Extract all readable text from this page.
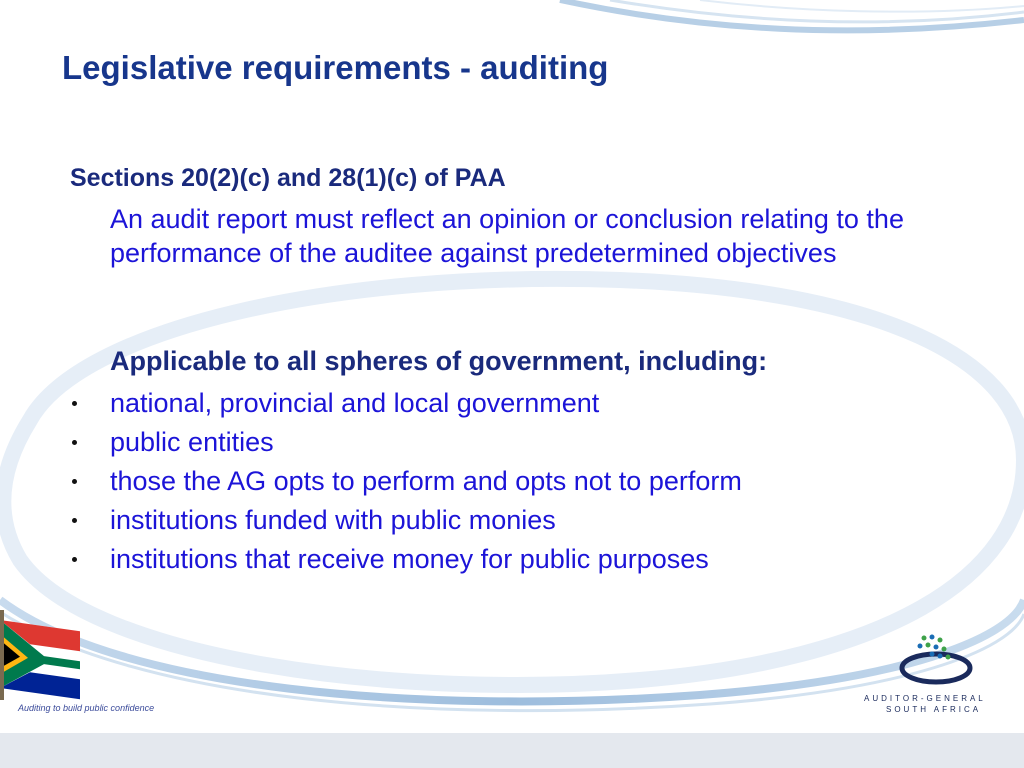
Legislative requirements - auditing
Sections 20(2)(c) and 28(1)(c) of PAA
An audit report must reflect an opinion or conclusion relating to the performance of the auditee against predetermined objectives
Applicable to all spheres of government, including:
national, provincial and local government
public entities
those the AG opts to perform and opts not to perform
institutions funded with public monies
institutions that receive money for public purposes
Auditing to build public confidence
AUDITOR-GENERAL
SOUTH AFRICA
